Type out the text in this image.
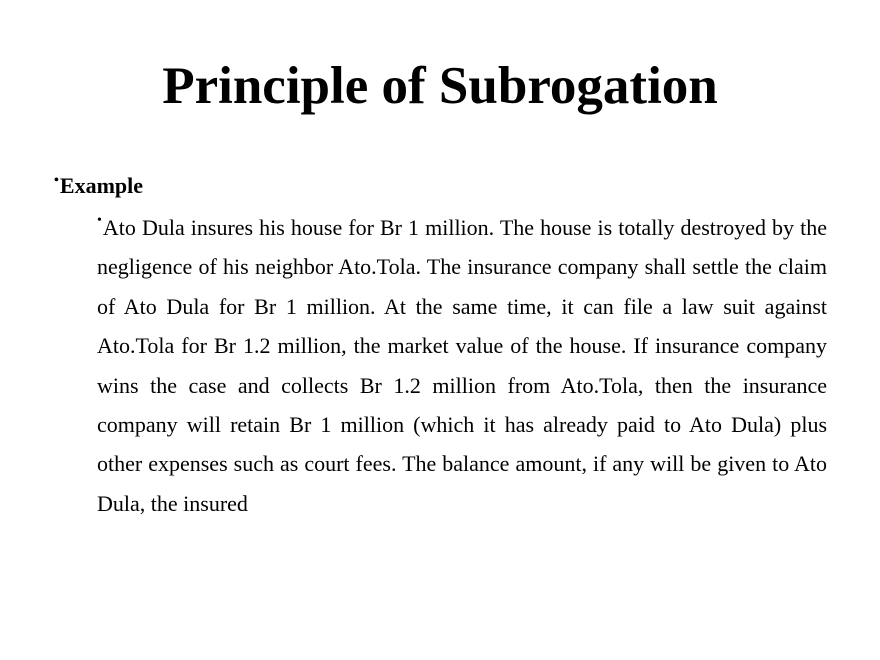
Principle of Subrogation
•Example
•Ato Dula insures his house for Br 1 million. The house is totally destroyed by the negligence of his neighbor Ato.Tola. The insurance company shall settle the claim of Ato Dula for Br 1 million. At the same time, it can file a law suit against Ato.Tola for Br 1.2 million, the market value of the house. If insurance company wins the case and collects Br 1.2 million from Ato.Tola, then the insurance company will retain Br 1 million (which it has already paid to Ato Dula) plus other expenses such as court fees. The balance amount, if any will be given to Ato Dula, the insured
